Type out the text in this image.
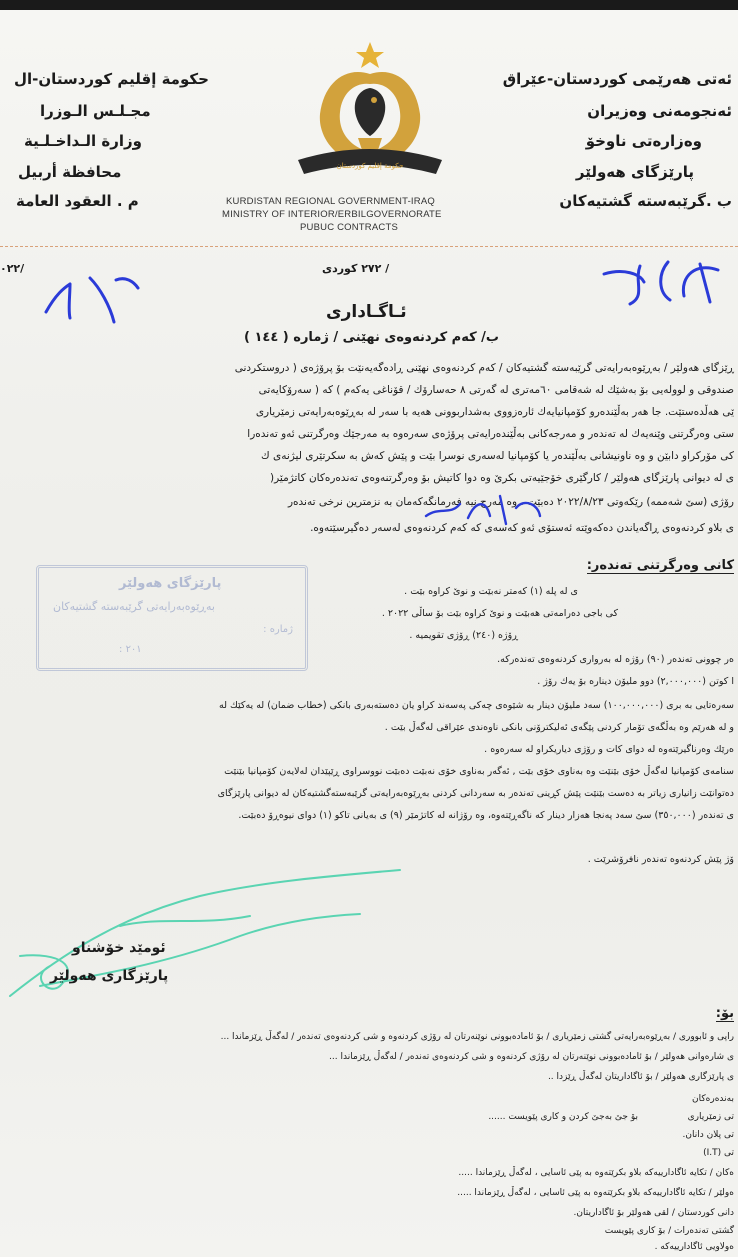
حكومة إقليم كوردستان-ال
مجـلـس الـوزرا
وزارة الـداخـلـية
محافظة أربيل
م . العقود العامة
ئه‌تی هه‌رێمی کوردستان-عێراق
ئه‌نجومه‌نی وه‌زیران
وه‌زاره‌تی ناوخۆ
پارێزگای هه‌ولێر
ب .گرێبه‌سته گشتیه‌کان
حكومة إقليم كوردستان
KURDISTAN REGIONAL GOVERNMENT-IRAQ
MINISTRY OF INTERIOR/ERBILGOVERNORATE
PUBUC CONTRACTS
/ ٢٧٢ كوردی
٠٢٢/
ئـاگـاداری
ب/ كه‌م كردنه‌وه‌ی نهێنی / ژماره‌ ( ١٤٤ )
ڕێزگای هه‌ولێر / به‌ڕێوه‌به‌رایه‌تی گرێبه‌سته گشتیه‌كان / كه‌م كردنه‌وه‌ی نهێنی ڕاده‌گه‌یه‌نێت بۆ پرۆژه‌ی ( دروستكردنی
صندوقی و لوولەیی بۆ بەشێك لە شەقامی ٦٠مەتری لە گەرتی ٨ حەسارۆك / قۆناغی یەكەم ) كە ( سەرۆكایەتی
ێی هەڵدەستێت. جا هەر بەڵێندەرو كۆمپانیایەك ئارەزووی بەشداربوونی هەیە با سەر لە بەڕێوەبەرایەتی زمێریاری
ستی وەرگرتنی وێنەیەك لە تەندەر و مەرجەكانی بەڵێندەرایەتی پرۆژەی سەرەوە بە مەرجێك وەرگرتنی ئەو تەندەرا
كی مۆركراو دابێن و وە ناونیشانی بەڵێندەر یا كۆمپانیا لەسەری نوسرا بێت و پێش كەش بە سكرتێری لیژنەی ك
ی لە دیوانی پارێزگای هەولێر / كارگێری خۆجێیەتی بكرێ وە دوا كاتیش بۆ وەرگرتنەوەی تەندەرەكان كاتژمێر(
رۆژی (سێ شەممە) رێكەوتی ٢٠٢٢/٨/٢٣ دەبێت . وە مەرج نیە فەرمانگەكەمان بە نزمترین نرخی تەندەر
ی بلاو كردنەوەی ڕاگەیاندن دەكەوێتە ئەستۆی ئەو كەسەی كە كەم كردنەوەی لەسەر دەگیرسێتەوە.
كانی وەرگرتنی تەندەر:
پارێزگای هەولێر
بەڕێوەبەرایەتی گرێبەستە گشتیەكان
ژمارە :
٢٠١ :
ی لە پلە (١) كەمتر نەبێت و نوێ كراوە بێت .
كی باجی دەرامەتی هەبێت و نوێ كراوە بێت بۆ ساڵی ٢٠٢٢ .
ڕۆژە (٢٤٠) ڕۆژی تقویمیە .
ەر چوونی تەندەر (٩٠) رۆژە لە بەرواری كردنەوەی تەندەركە.
ا كوتن (٢,٠٠٠,٠٠٠) دوو ملیۆن دینارە بۆ یەك رۆژ .
سەرەتایی بە بری (١٠٠,٠٠٠,٠٠٠) سەد ملیۆن دینار بە شێوەی چەكی پەسەند كراو یان دەستەبەری بانكی (خطاب ضمان) لە یەكێك لە
و لە هەرێم وە بەڵگەی تۆمار كردنی پێگەی ئەلیكترۆنی بانكی ناوەندی عێراقی لەگەڵ بێت .
ەرێك وەرناگیرێتەوە لە دوای كات و رۆژی دیاریكراو لە سەرەوە .
سنامەی كۆمپانیا لەگەڵ خۆی بێنێت وە بەناوی خۆی بێت , ئەگەر بەناوی خۆی نەبێت دەبێت نووسراوی ڕێپێدان لەلایەن كۆمپانیا بێنێت
دەتوانێت زانیاری زیاتر بە دەست بێنێت پێش كڕینی تەندەر بە سەردانی كردنی بەڕێوەبەرایەتی گرێبەستەگشتیەكان لە دیوانی پارێزگای
ی تەندەر (٣٥٠,٠٠٠) سێ سەد پەنجا هەزار دینار كە ناگەڕێتەوە، وە رۆژانە لە كاتژمێر (٩) ی بەیانی تاكو (١) دوای نیوەڕۆ دەبێت.
ۆژ پێش كردنەوە تەندەر نافرۆشرێت .
ئومێد خۆشناو
پارێزگاری هەولێر
بۆ:
راپی و ئابووری / بەڕێوەبەرایەتی گشتی زمێریاری / بۆ ئامادەبوونی نوێنەرتان لە رۆژی كردنەوە و شی كردنەوەی تەندەر / لەگەڵ ڕێزماندا ...
ی شارەوانی هەولێر / بۆ ئامادەبوونی نوێنەرتان لە رۆژی كردنەوە و شی كردنەوەی تەندەر / لەگەڵ ڕێزماندا ...
ی پارێزگاری هەولێر / بۆ ئاگاداریتان لەگەڵ ڕێزدا ..
بەندەرەكان
بۆ جێ بەجێ كردن و كاری پێویست ......	تی زمێریاری
تی پلان دانان.
تی (I.T)
ەكان / تكایە ئاگادارییەكە بلاو بكرێتەوە بە پێی ئاسایی ، لەگەڵ ڕێزماندا .....
ەولێر / تكایە ئاگادارییەكە بلاو بكرێتەوە بە پێی ئاسایی ، لەگەڵ ڕێزماندا .....
دانی كوردستان / لقی هەولێر بۆ ئاگاداریتان.
گشتی تەندەرات / بۆ كاری پێویست
ەولاویی ئاگادارییەكە .
